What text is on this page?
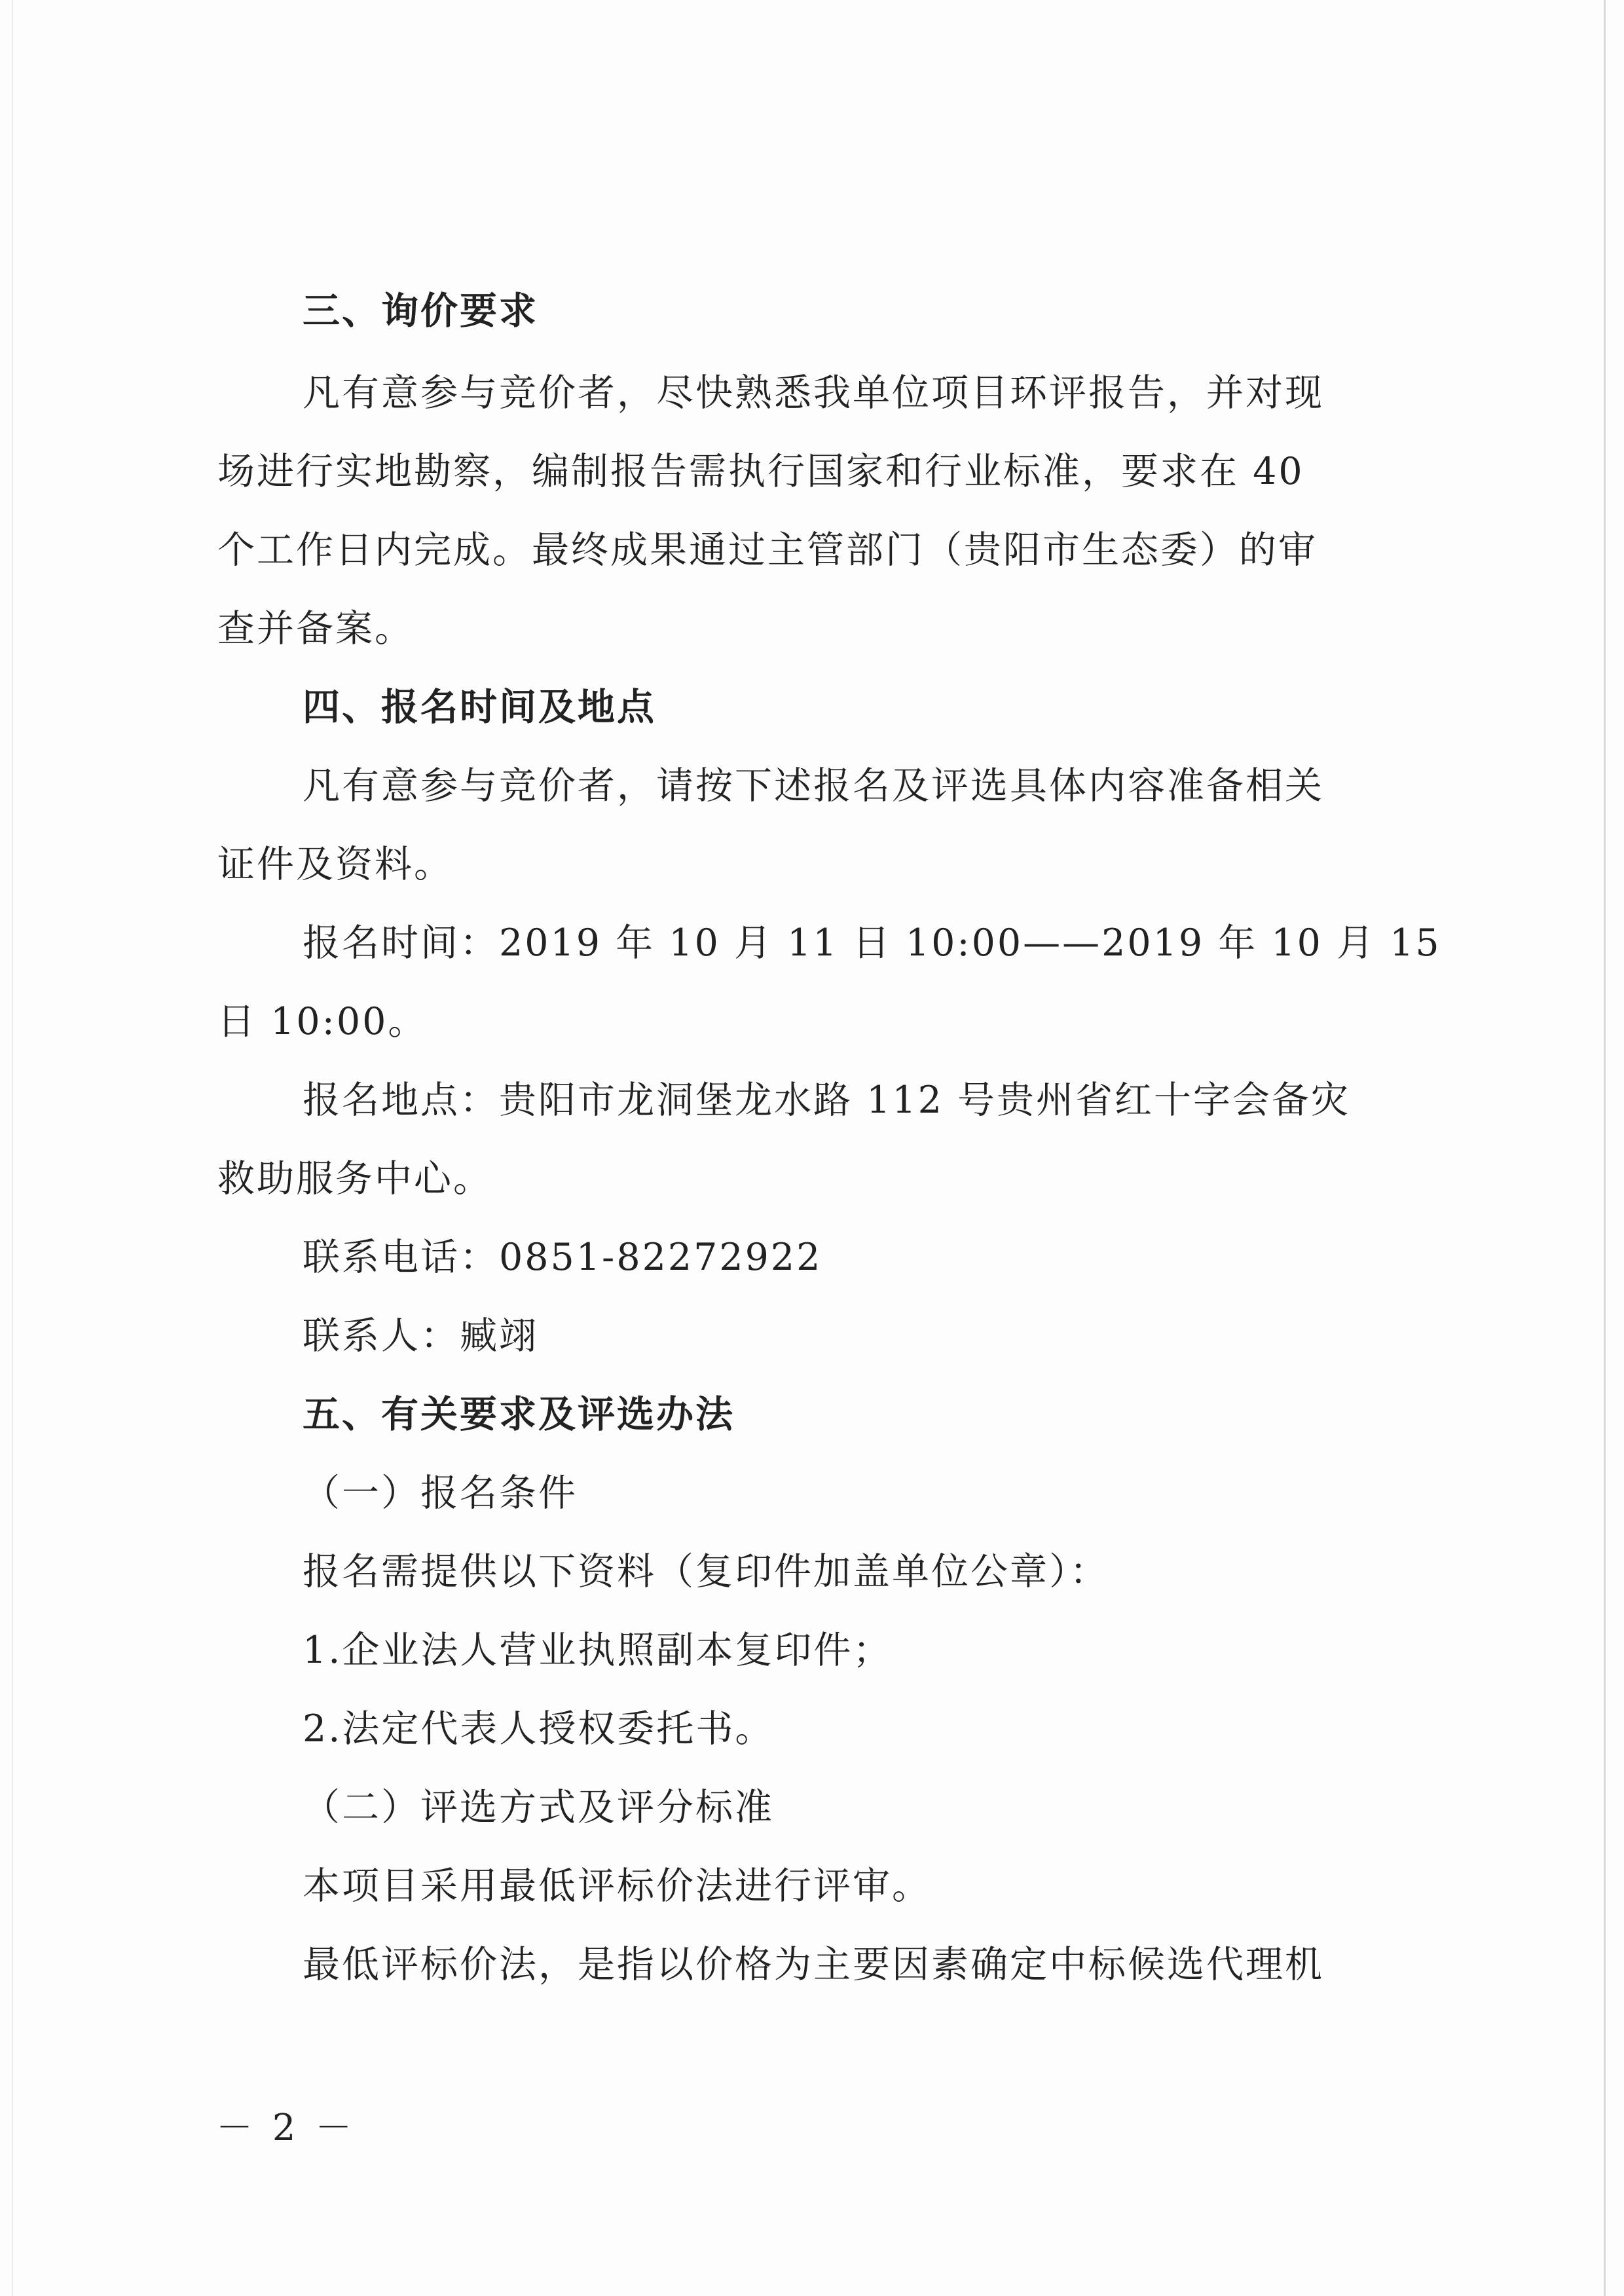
三、询价要求
凡有意参与竞价者，尽快熟悉我单位项目环评报告，并对现
场进行实地勘察，编制报告需执行国家和行业标准，要求在 40
个工作日内完成。最终成果通过主管部门（贵阳市生态委）的审
查并备案。
四、报名时间及地点
凡有意参与竞价者，请按下述报名及评选具体内容准备相关
证件及资料。
报名时间：2019 年 10 月 11 日 10:00——2019 年 10 月 15
日 10:00。
报名地点：贵阳市龙洞堡龙水路 112 号贵州省红十字会备灾
救助服务中心。
联系电话：0851-82272922
联系人：臧翊
五、有关要求及评选办法
（一）报名条件
报名需提供以下资料（复印件加盖单位公章）：
1.企业法人营业执照副本复印件；
2.法定代表人授权委托书。
（二）评选方式及评分标准
本项目采用最低评标价法进行评审。
最低评标价法，是指以价格为主要因素确定中标候选代理机
－ 2 －
